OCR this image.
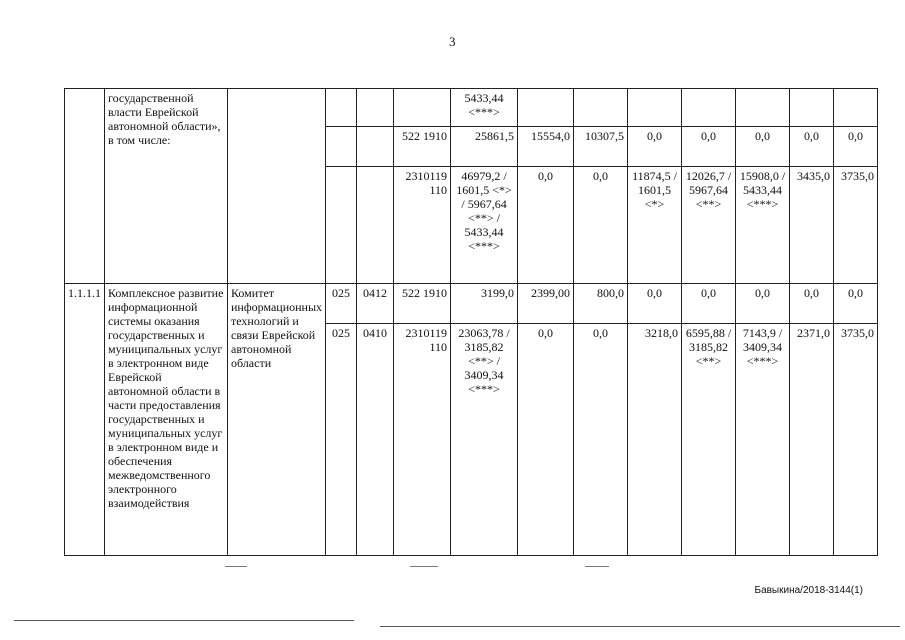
3
	государственной власти Еврейской автономной области», в том числе:					5433,44 <***>							
					522 1910	25861,5	15554,0	10307,5	0,0	0,0	0,0	0,0	0,0
					2310119 110	46979,2 / 1601,5 <*> / 5967,64 <**> / 5433,44 <***>	0,0	0,0	11874,5 / 1601,5 <*>	12026,7 / 5967,64 <**>	15908,0 / 5433,44 <***>	3435,0	3735,0
1.1.1.1	Комплексное развитие информационной системы оказания государственных и муниципальных услуг в электронном виде Еврейской автономной области в части предоставления государственных и муниципальных услуг в электронном виде и обеспечения межведомственного электронного взаимодействия	Комитет информационных технологий и связи Еврейской автономной области	025	0412	522 1910	3199,0	2399,00	800,0	0,0	0,0	0,0	0,0	0,0
			025	0410	2310119 110	23063,78 / 3185,82 <**> / 3409,34 <***>	0,0	0,0	3218,0	6595,88 / 3185,82 <**>	7143,9 / 3409,34 <***>	2371,0	3735,0
Бавыкина/2018-3144(1)
